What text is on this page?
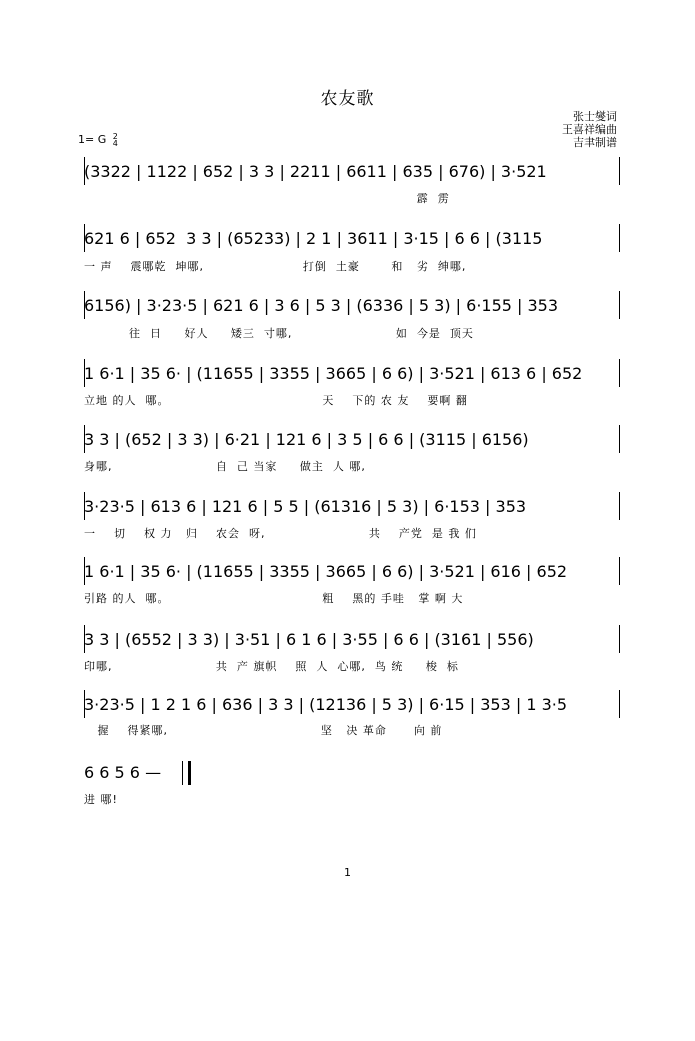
农友歌
张士燮词
王喜祥编曲
吉聿制谱
1= G 2
4
(3322 | 1122 | 652 | 3 3 | 2211 | 6611 | 635 | 676) | 3·521
霹  雳
621 6 | 652  3 3 | (65233) | 2 1 | 3611 | 3·15 | 6 6 | (3115
一 声    震哪乾  坤哪,                      打倒  土豪       和   劣  绅哪,
6156) | 3·23·5 | 621 6 | 3 6 | 5 3 | (6336 | 5 3) | 6·155 | 353
往  日     好人     矮三  寸哪,                       如  今是  顶天
1 6·1 | 35 6· | (11655 | 3355 | 3665 | 6 6) | 3·521 | 613 6 | 652
立地 的人  哪。                                  天    下的 农 友    要啊 翻
3 3 | (652 | 3 3) | 6·21 | 121 6 | 3 5 | 6 6 | (3115 | 6156)
身哪,                       自  己 当家     做主  人 哪,
3·23·5 | 613 6 | 121 6 | 5 5 | (61316 | 5 3) | 6·153 | 353
一    切    权 力   归    农会  呀,                       共    产党  是 我 们
1 6·1 | 35 6· | (11655 | 3355 | 3665 | 6 6) | 3·521 | 616 | 652
引路 的人  哪。                                  粗    黑的 手哇   掌 啊 大
3 3 | (6552 | 3 3) | 3·51 | 6 1 6 | 3·55 | 6 6 | (3161 | 556)
印哪,                       共  产 旗帜    照  人  心哪,  鸟 统     梭  标
3·23·5 | 1 2 1 6 | 636 | 3 3 | (12136 | 5 3) | 6·15 | 353 | 1 3·5
握    得紧哪,                                  坚   决 革命      向 前
6 6 5 6 —
进 哪!
1
